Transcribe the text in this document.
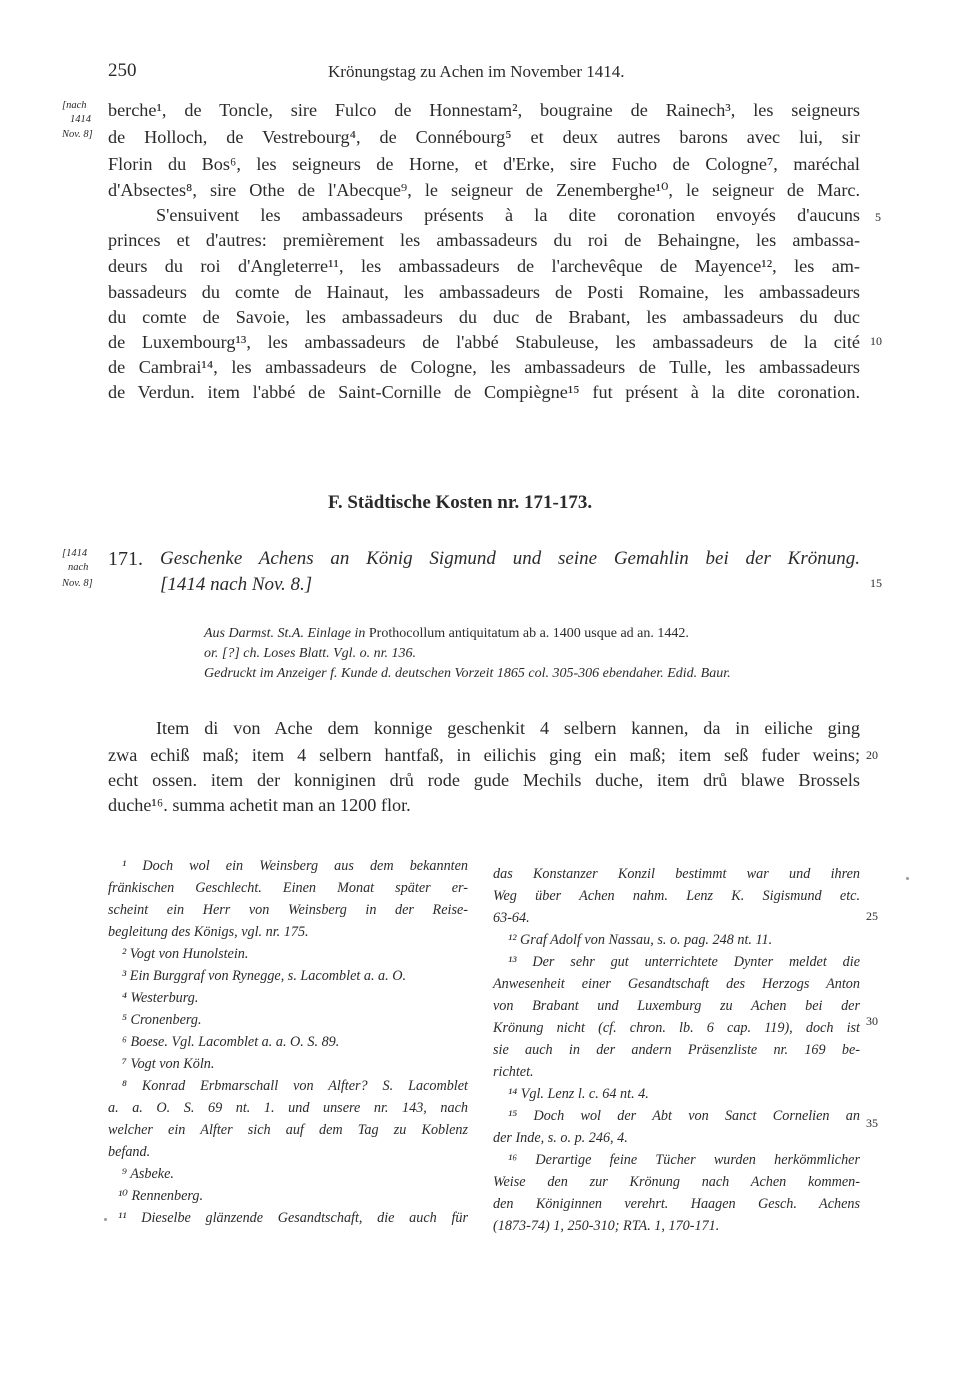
250	Krönungstag zu Achen im November 1414.
[nach
1414
Nov. 8]
berche¹, de Toncle, sire Fulco de Honnestam², bougraine de Rainech³, les seigneurs
de Holloch, de Vestrebourg⁴, de Connébourg⁵ et deux autres barons avec lui, sir
Florin du Bos⁶, les seigneurs de Horne, et d'Erke, sire Fucho de Cologne⁷, maréchal
d'Absectes⁸, sire Othe de l'Abecque⁹, le seigneur de Zenemberghe¹⁰, le seigneur de Marc.
S'ensuivent les ambassadeurs présents à la dite coronation envoyés d'aucuns
princes et d'autres: premièrement les ambassadeurs du roi de Behaingne, les ambassa-
deurs du roi d'Angleterre¹¹, les ambassadeurs de l'archevêque de Mayence¹², les am-
bassadeurs du comte de Hainaut, les ambassadeurs de Posti Romaine, les ambassadeurs
du comte de Savoie, les ambassadeurs du duc de Brabant, les ambassadeurs du duc
de Luxembourg¹³, les ambassadeurs de l'abbé Stabuleuse, les ambassadeurs de la cité
de Cambrai¹⁴, les ambassadeurs de Cologne, les ambassadeurs de Tulle, les ambassadeurs
de Verdun. item l'abbé de Saint-Cornille de Compiègne¹⁵ fut présent à la dite coronation.
5
10
15
20
25
30
35
F. Städtische Kosten nr. 171-173.
[1414
nach
Nov. 8]
171. Geschenke Achens an König Sigmund und seine Gemahlin bei der Krönung.
[1414 nach Nov. 8.]
Aus Darmst. St.A. Einlage in Prothocollum antiquitatum ab a. 1400 usque ad an. 1442.
or. [?] ch. Loses Blatt. Vgl. o. nr. 136.
Gedruckt im Anzeiger f. Kunde d. deutschen Vorzeit 1865 col. 305-306 ebendaher. Edid. Baur.
Item di von Ache dem konnige geschenkit 4 selbern kannen, da in eiliche ging
zwa echiß maß; item 4 selbern hantfaß, in eilichis ging ein maß; item seß fuder weins;
echt ossen. item der konniginen drů rode gude Mechils duche, item drů blawe Brossels
duche¹⁶. summa achetit man an 1200 flor.
¹ Doch wol ein Weinsberg aus dem bekannten
fränkischen Geschlecht. Einen Monat später er-
scheint ein Herr von Weinsberg in der Reise-
begleitung des Königs, vgl. nr. 175.
² Vogt von Hunolstein.
³ Ein Burggraf von Rynegge, s. Lacomblet a. a. O.
⁴ Westerburg.
⁵ Cronenberg.
⁶ Boese. Vgl. Lacomblet a. a. O. S. 89.
⁷ Vogt von Köln.
⁸ Konrad Erbmarschall von Alfter? S. Lacomblet
a. a. O. S. 69 nt. 1. und unsere nr. 143, nach
welcher ein Alfter sich auf dem Tag zu Koblenz
befand.
⁹ Asbeke.
¹⁰ Rennenberg.
¹¹ Dieselbe glänzende Gesandtschaft, die auch für
das Konstanzer Konzil bestimmt war und ihren
Weg über Achen nahm. Lenz K. Sigismund etc.
63-64.
¹² Graf Adolf von Nassau, s. o. pag. 248 nt. 11.
¹³ Der sehr gut unterrichtete Dynter meldet die
Anwesenheit einer Gesandtschaft des Herzogs Anton
von Brabant und Luxemburg zu Achen bei der
Krönung nicht (cf. chron. lb. 6 cap. 119), doch ist
sie auch in der andern Präsenzliste nr. 169 be-
richtet.
¹⁴ Vgl. Lenz l. c. 64 nt. 4.
¹⁵ Doch wol der Abt von Sanct Cornelien an
der Inde, s. o. p. 246, 4.
¹⁶ Derartige feine Tücher wurden herkömmlicher
Weise den zur Krönung nach Achen kommen-
den Königinnen verehrt. Haagen Gesch. Achens
(1873-74) 1, 250-310; RTA. 1, 170-171.
